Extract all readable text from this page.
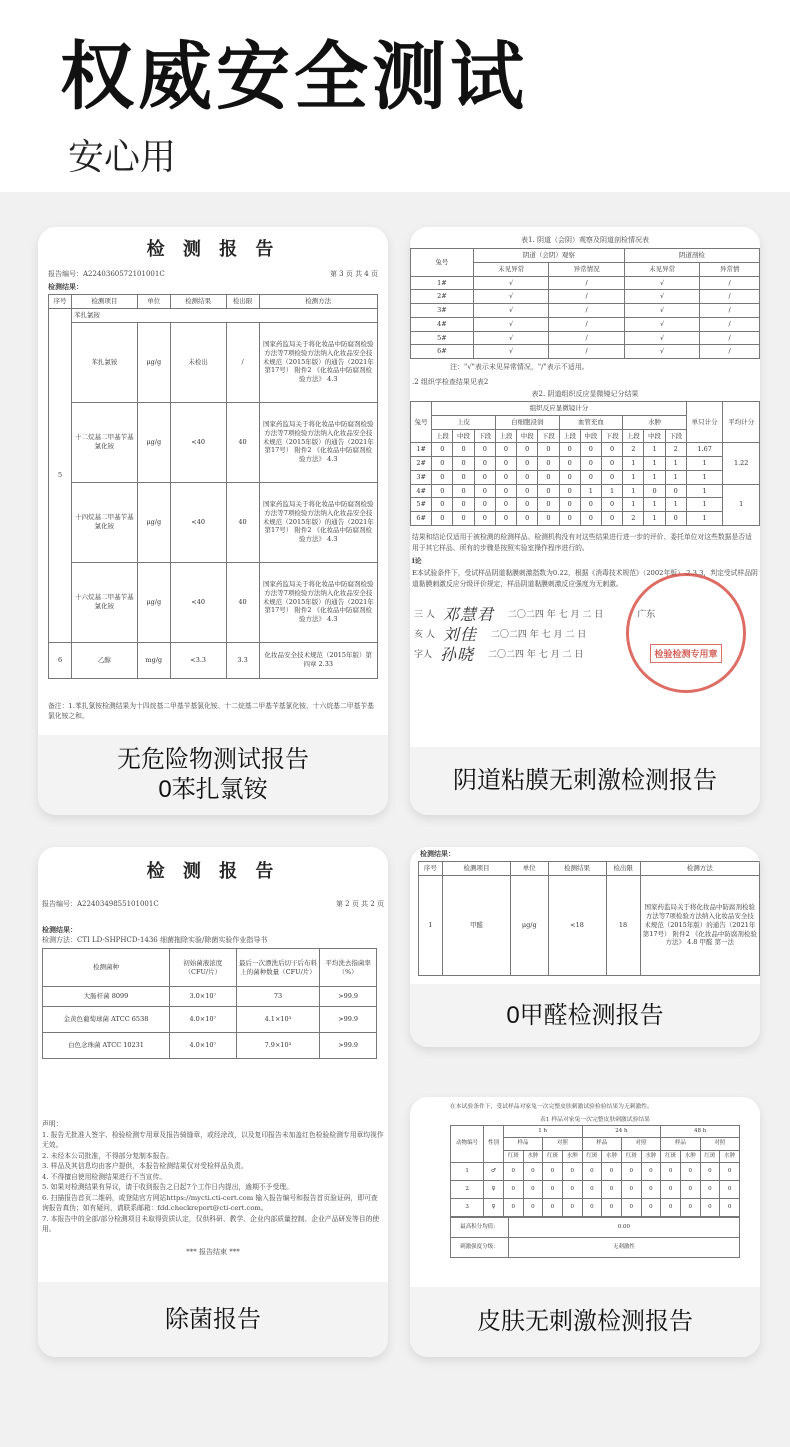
权威安全测试
安心用
检 测 报 告
报告编号：A2240360572101001C	第 3 页 共 4 页
检测结果：
序号	检测项目	单位	检测结果	检出限	检测方法
5	苯扎氯铵				
	苯扎氯铵	μg/g	未检出	/	国家药监局关于将化妆品中防腐剂检验方法等7项检验方法纳入化妆品安全技术规范（2015年版）的通告（2021年第17号） 附件2 《化妆品中防腐剂检验方法》 4.3
	十二烷基二甲基苄基氯化铵	μg/g	<40	40	国家药监局关于将化妆品中防腐剂检验方法等7项检验方法纳入化妆品安全技术规范（2015年版）的通告（2021年第17号） 附件2 《化妆品中防腐剂检验方法》 4.3
	十四烷基二甲基苄基氯化铵	μg/g	<40	40	国家药监局关于将化妆品中防腐剂检验方法等7项检验方法纳入化妆品安全技术规范（2015年版）的通告（2021年第17号） 附件2 《化妆品中防腐剂检验方法》 4.3
	十六烷基二甲基苄基氯化铵	μg/g	<40	40	国家药监局关于将化妆品中防腐剂检验方法等7项检验方法纳入化妆品安全技术规范（2015年版）的通告（2021年第17号） 附件2 《化妆品中防腐剂检验方法》 4.3
6	乙醇	mg/g	<3.3	3.3	化妆品安全技术规范（2015年版）第四章 2.33
备注：1.苯扎氯铵检测结果为十四烷基二甲基苄基氯化铵、十二烷基二甲基苄基氯化铵、十六烷基二甲基苄基氯化铵之和。
无危险物测试报告
0苯扎氯铵
表1. 阴道（会阴）观察及阴道剖检情况表
兔号	阴道（会阴）观察		阴道剖检	
	未见异常	异常情况	未见异常	异常情
1#	√	/	√	/
2#	√	/	√	/
3#	√	/	√	/
4#	√	/	√	/
5#	√	/	√	/
6#	√	/	√	/
注："√"表示未见异常情况，"/"表示不适用。
.2 组织学检查结果见表2
表2. 阴道组织反应显微镜记分结果
兔号	组织反应显微镜计分												单只计分	平均计分
	上皮			白细胞浸润			血管充血			水肿				
	上段	中段	下段	上段	中段	下段	上段	中段	下段	上段	中段	下段		
1#	0	0	0	0	0	0	0	0	0	2	1	2	1.67	1.22
2#	0	0	0	0	0	0	0	0	0	1	1	1	1	
3#	0	0	0	0	0	0	0	0	0	1	1	1	1	
4#	0	0	0	0	0	0	0	1	1	1	0	0	1	1
5#	0	0	0	0	0	0	0	0	0	1	1	1	1	
6#	0	0	0	0	0	0	0	0	0	2	1	0	1	
结果和结论仅适用于被检测的检测样品。检测机构没有对这些结果进行进一步的评价、委托单位对这些数据是否适用于其它样品、所有的步骤是按照实验室操作程序进行的。
i论
E本试验条件下，受试样品阴道黏膜刺激指数为0.22，根据《消毒技术规范》（2002年版）-2.3.3，判定受试样品阴道黏膜刺激反应分级评价规定，样品阴道黏膜刺激反应强度为无刺激。
三 人 邓慧君 二〇二四 年 七 月 二 日	广东
亥 人 刘佳 二〇二四 年 七 月 二 日
字人 孙晓 二〇二四 年 七 月 二 日	检验检测专用章
阴道粘膜无刺激检测报告
检 测 报 告
报告编号：A2240349855101001C	第 2 页 共 2 页
检测结果：
检测方法：CTI LD-SHPHCD-1436 细菌拖除实验/除菌实验作业指导书
检测菌种	初始菌液浓度（CFU/片）	最后一次漂洗后切干后布料上的菌种数量（CFU/片）	平均洗去指菌率（%）
大肠杆菌 8099	3.0×10⁷	73	>99.9
金黄色葡萄球菌 ATCC 6538	4.0×10⁷	4.1×10³	>99.9
白色念珠菌 ATCC 10231	4.0×10⁷	7.9×10³	>99.9
声明：
1. 报告无批准人签字、检验检测专用章及报告骑缝章，或经涂改，以及复印报告未加盖红色检验检测专用章均视作无效。
2. 未经本公司批准，不得部分复制本报告。
3. 样品及其信息均由客户提供，本报告检测结果仅对受检样品负责。
4. 不得擅自使用检测结果进行不当宣传。
5. 如果对检测结果有异议，请于收到报告之日起7个工作日内提出，逾期不予受理。
6. 扫描报告首页二维码，或登陆官方网站https://mycti.cti-cert.com 输入报告编号和报告首页验证码，即可查询报告真伪；如有疑问，请联系邮箱：fdd.checkreport@cti-cert.com。
7. 本报告中的全部/部分检测项目未取得资质认定，仅供科研、教学、企业内部质量控制、企业产品研发等目的使用。
*** 报告结束 ***
除菌报告
检测结果：
序号	检测项目	单位	检测结果	检出限	检测方法
1	甲醛	μg/g	<18	18	国家药监局关于将化妆品中防腐剂检验方法等7项检验方法纳入化妆品安全技术规范（2015年版）的通告（2021年第17号） 附件2 《化妆品中防腐剂检验方法》 4.8 甲醛 第一法
0甲醛检测报告
在本试验条件下，受试样品对家兔一次完整皮肤刺激试验检验结果为无刺激性。
表1 样品对家兔一次完整皮肤刺激试验结果
动物编号	性别	1 h				24 h				48 h			
		样品		对照		样品		对照		样品		对照	
		红斑	水肿	红斑	水肿	红斑	水肿	红斑	水肿	红斑	水肿	红斑	水肿
1	♂	0	0	0	0	0	0	0	0	0	0	0	0
2	♀	0	0	0	0	0	0	0	0	0	0	0	0
3	♀	0	0	0	0	0	0	0	0	0	0	0	0
最高积分均值：	0.00
刺激强度分级：	无刺激性
皮肤无刺激检测报告
